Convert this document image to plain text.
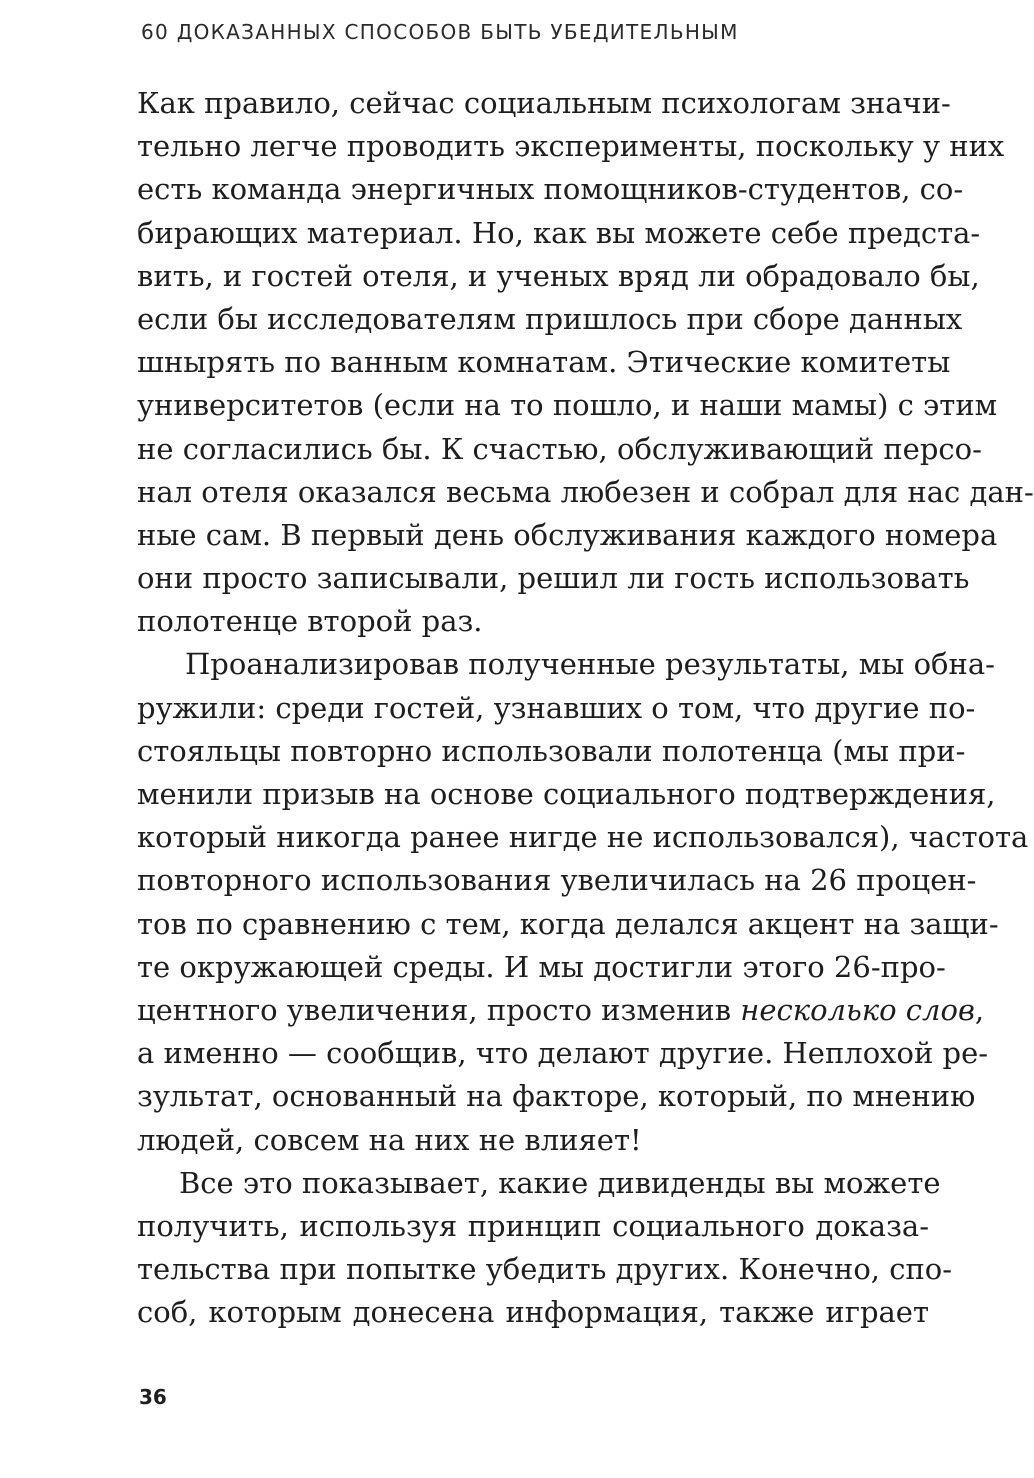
60 ДОКАЗАННЫХ СПОСОБОВ БЫТЬ УБЕДИТЕЛЬНЫМ
Как правило, сейчас социальным психологам значи-
тельно легче проводить эксперименты, поскольку у них
есть команда энергичных помощников-студентов, со-
бирающих материал. Но, как вы можете себе предста-
вить, и гостей отеля, и ученых вряд ли обрадовало бы,
если бы исследователям пришлось при сборе данных
шнырять по ванным комнатам. Этические комитеты
университетов (если на то пошло, и наши мамы) с этим
не согласились бы. К счастью, обслуживающий персо-
нал отеля оказался весьма любезен и собрал для нас дан-
ные сам. В первый день обслуживания каждого номера
они просто записывали, решил ли гость использовать
полотенце второй раз.
Проанализировав полученные результаты, мы обна-
ружили: среди гостей, узнавших о том, что другие по-
стояльцы повторно использовали полотенца (мы при-
менили призыв на основе социального подтверждения,
который никогда ранее нигде не использовался), частота
повторного использования увеличилась на 26 процен-
тов по сравнению с тем, когда делался акцент на защи-
те окружающей среды. И мы достигли этого 26-про-
центного увеличения, просто изменив несколько слов,
а именно — сообщив, что делают другие. Неплохой ре-
зультат, основанный на факторе, который, по мнению
людей, совсем на них не влияет!
Все это показывает, какие дивиденды вы можете
получить, используя принцип социального доказа-
тельства при попытке убедить других. Конечно, спо-
соб, которым донесена информация, также играет
36
